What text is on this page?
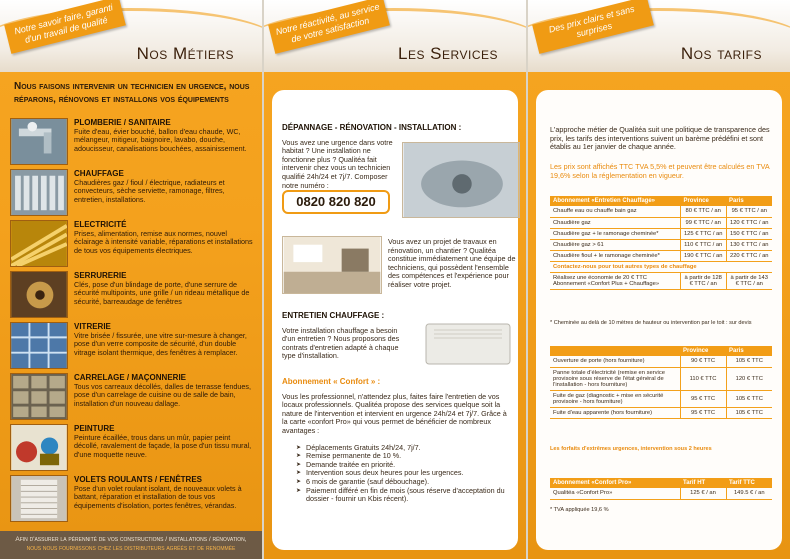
Notre savoir faire, garanti d'un travail de qualité
Nos Métiers
Nous faisons intervenir un technicien en urgence, nous réparons, rénovons et installons vos équipements
PLOMBERIE / SANITAIRE
Fuite d'eau, évier bouché, ballon d'eau chaude, WC, mélangeur, mitigeur, baignoire, lavabo, douche, adoucisseur, canalisations bouchées, assainissement.
CHAUFFAGE
Chaudières gaz / fioul / électrique, radiateurs et convecteurs, sèche serviette, ramonage, filtres, entretien, installations.
ELECTRICITÉ
Prises, alimentation, remise aux normes, nouvel éclairage à intensité variable, réparations et installations de tous vos équipements électriques.
SERRURERIE
Clés, pose d'un blindage de porte, d'une serrure de sécurité multipoints, une grille / un rideau métallique de sécurité, barreaudage de fenêtres
VITRERIE
Vitre brisée / fissurée, une vitre sur-mesure à changer, pose d'un verre composite de sécurité, d'un double vitrage isolant thermique, des fenêtres à remplacer.
CARRELAGE / MAÇONNERIE
Tous vos carreaux décollés, dalles de terrasse fendues, pose d'un carrelage de cuisine ou de salle de bain, installation d'un nouveau dallage.
PEINTURE
Peinture écaillée, trous dans un mûr, papier peint décollé, ravalement de façade, la pose d'un tissu mural, d'une moquette neuve.
VOLETS ROULANTS / FENÊTRES
Pose d'un volet roulant isolant, de nouveaux volets à battant, réparation et installation de tous vos équipements d'isolation, portes fenêtres, vérandas.
Afin d'assurer la pérennité de vos constructions / installations / rénovation,
nous nous fournissons chez les distributeurs agréés et de renommée
Notre réactivité, au service de votre satisfaction
Les Services
DÉPANNAGE - RÉNOVATION - INSTALLATION :
Vous avez une urgence dans votre habitat ? Une installation ne fonctionne plus ? Qualitéa fait intervenir chez vous un technicien qualifié 24h/24 et 7j/7. Composer notre numéro :
0820 820 820
Vous avez un projet de travaux en rénovation, un chantier ? Qualitéa constitue immédiatement une équipe de techniciens, qui possèdent l'ensemble des compétences et l'expérience pour réaliser votre projet.
ENTRETIEN CHAUFFAGE :
Votre installation chauffage a besoin d'un entretien ? Nous proposons des contrats d'entretien adapté à chaque type d'installation.
Abonnement « Confort » :
Vous les professionnel, n'attendez plus, faites faire l'entretien de vos locaux professionnels. Qualitéa propose des services quelque soit la nature de l'intervention et intervient en urgence 24h/24 et 7j/7. Grâce à la carte «confort Pro» qui vous permet de bénéficier de nombreux avantages :
➤ Déplacements Gratuits 24h/24, 7j/7.
➤ Remise permanente de 10 %.
➤ Demande traitée en priorité.
➤ Intervention sous deux heures pour les urgences.
➤ 6 mois de garantie (sauf débouchage).
➤ Paiement différé en fin de mois (sous réserve d'acceptation du dossier - fournir un Kbis récent).
Des prix clairs et sans surprises
Nos tarifs
L'approche métier de Qualitéa suit une politique de transparence des prix, les tarifs des interventions suivent un barème prédéfini et sont établis au 1er janvier de chaque année.
Les prix sont affichés TTC TVA 5,5% et peuvent être calculés en TVA 19,6% selon la réglementation en vigueur.
Abonnement «Entretien Chauffage»	Province	Paris
Chauffe eau ou chauffe bain gaz	80 € TTC / an	95 € TTC / an
Chaudière gaz	99 € TTC / an	120 € TTC / an
Chaudière gaz + le ramonage cheminée*	125 € TTC / an	150 € TTC / an
Chaudière gaz > 61	110 € TTC / an	130 € TTC / an
Chaudière fioul + le ramonage cheminée*	190 € TTC / an	220 € TTC / an
Contactez-nous pour tout autres types de chauffage		
Réalisez une économie de 20 € TTC Abonnement «Confort Plus + Chauffage»	à partir de 128 € TTC / an	à partir de 143 € TTC / an
* Cheminée au delà de 10 mètres de hauteur ou intervention par le toit : sur devis
	Province	Paris
Ouverture de porte (hors fourniture)	90 € TTC	105 € TTC
Panne totale d'électricité (remise en service provisoire sous réserve de l'état général de l'installation - hors fourniture)	110 € TTC	120 € TTC
Fuite de gaz (diagnostic + mise en sécurité provisoire - hors fourniture)	95 € TTC	105 € TTC
Fuite d'eau apparente (hors fourniture)	95 € TTC	105 € TTC
Les forfaits d'extrêmes urgences, intervention sous 2 heures
Abonnement «Confort Pro»	Tarif HT	Tarif TTC
Qualitéa «Confort Pro»	125 € / an	149.5 € / an
* TVA appliquée 19,6 %
